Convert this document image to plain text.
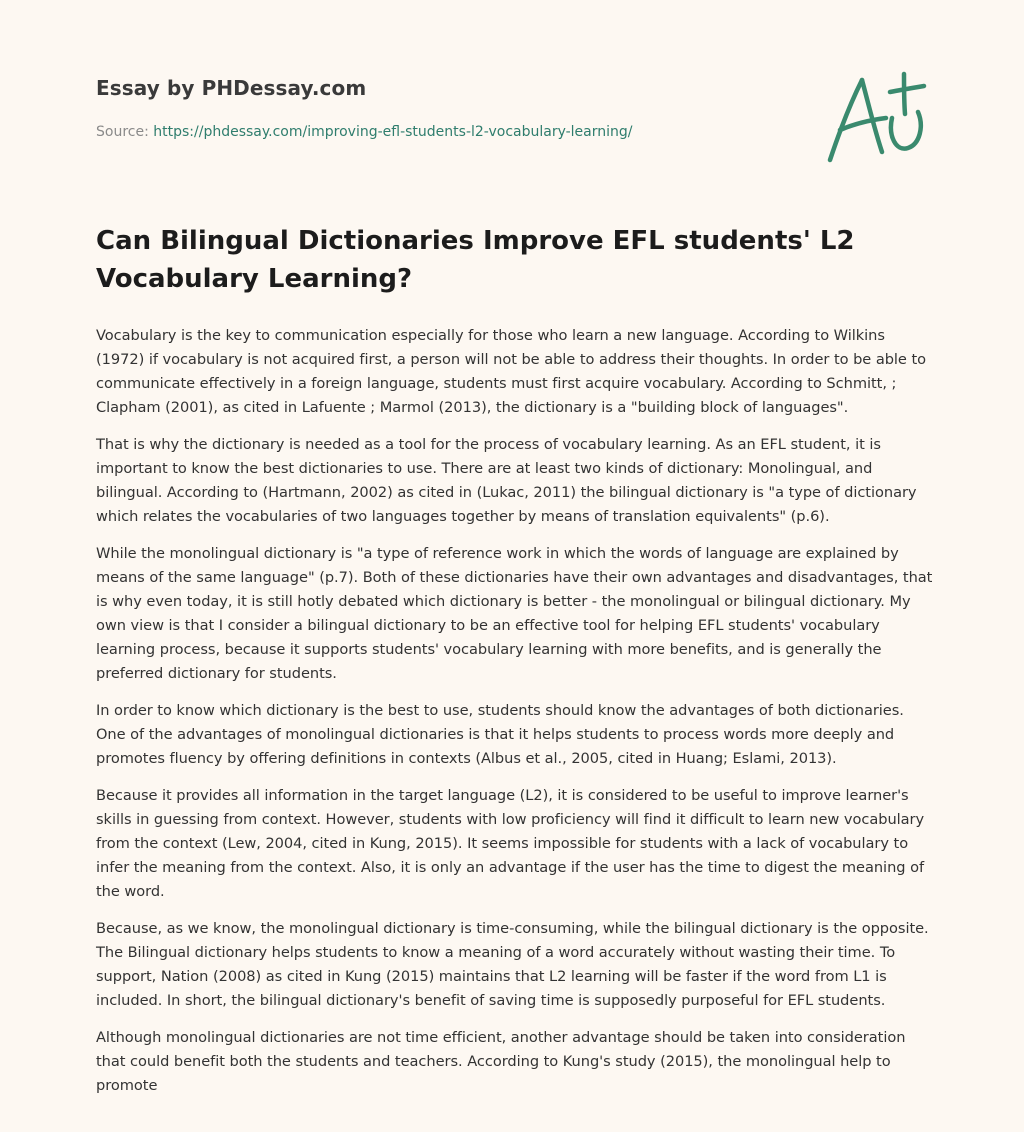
Essay by PHDessay.com
Source: https://phdessay.com/improving-efl-students-l2-vocabulary-learning/
Can Bilingual Dictionaries Improve EFL students' L2 Vocabulary Learning?

Vocabulary is the key to communication especially for those who learn a new language. According to Wilkins (1972) if vocabulary is not acquired first, a person will not be able to address their thoughts. In order to be able to communicate effectively in a foreign language, students must first acquire vocabulary. According to Schmitt, ; Clapham (2001), as cited in Lafuente ; Marmol (2013), the dictionary is a "building block of languages".

That is why the dictionary is needed as a tool for the process of vocabulary learning. As an EFL student, it is important to know the best dictionaries to use. There are at least two kinds of dictionary: Monolingual, and bilingual. According to (Hartmann, 2002) as cited in (Lukac, 2011) the bilingual dictionary is "a type of dictionary which relates the vocabularies of two languages together by means of translation equivalents" (p.6).

While the monolingual dictionary is "a type of reference work in which the words of language are explained by means of the same language" (p.7). Both of these dictionaries have their own advantages and disadvantages, that is why even today, it is still hotly debated which dictionary is better - the monolingual or bilingual dictionary. My own view is that I consider a bilingual dictionary to be an effective tool for helping EFL students' vocabulary learning process, because it supports students' vocabulary learning with more benefits, and is generally the preferred dictionary for students.

In order to know which dictionary is the best to use, students should know the advantages of both dictionaries. One of the advantages of monolingual dictionaries is that it helps students to process words more deeply and promotes fluency by offering definitions in contexts (Albus et al., 2005, cited in Huang; Eslami, 2013).

Because it provides all information in the target language (L2), it is considered to be useful to improve learner's skills in guessing from context. However, students with low proficiency will find it difficult to learn new vocabulary from the context (Lew, 2004, cited in Kung, 2015). It seems impossible for students with a lack of vocabulary to infer the meaning from the context. Also, it is only an advantage if the user has the time to digest the meaning of the word.

Because, as we know, the monolingual dictionary is time-consuming, while the bilingual dictionary is the opposite. The Bilingual dictionary helps students to know a meaning of a word accurately without wasting their time. To support, Nation (2008) as cited in Kung (2015) maintains that L2 learning will be faster if the word from L1 is included. In short, the bilingual dictionary's benefit of saving time is supposedly purposeful for EFL students.

Although monolingual dictionaries are not time efficient, another advantage should be taken into consideration that could benefit both the students and teachers. According to Kung's study (2015), the monolingual help to promote
